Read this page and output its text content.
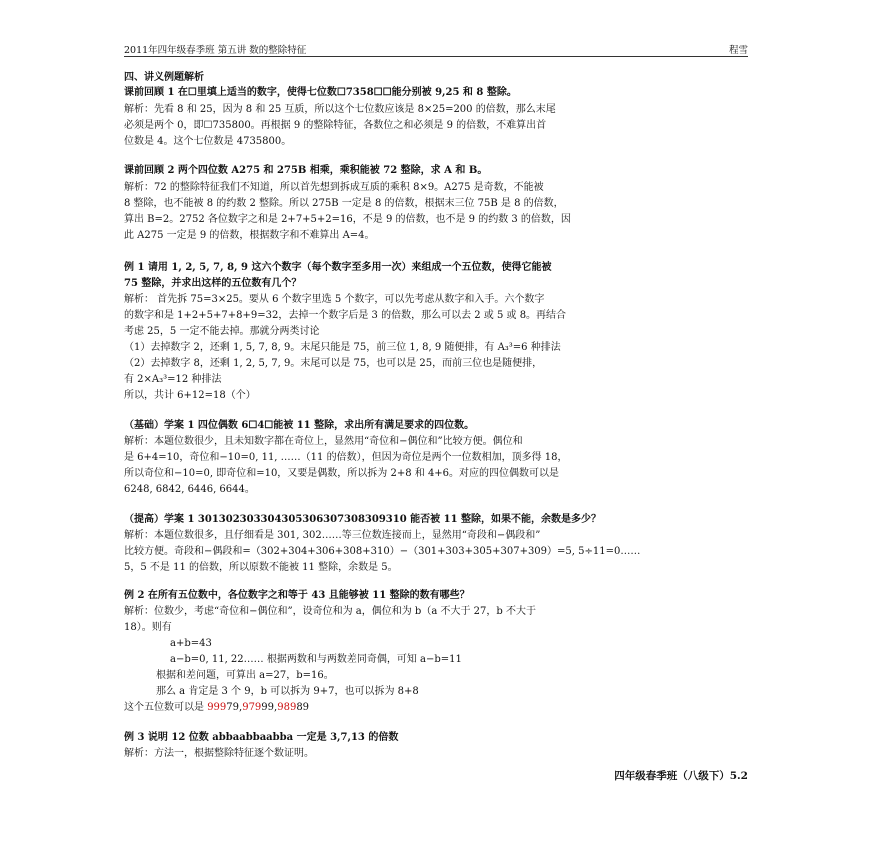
2011年四年级春季班 第五讲 数的整除特征	程雪
四、讲义例题解析
课前回顾 1 在☐里填上适当的数字，使得七位数☐7358☐☐能分别被 9,25 和 8 整除。
解析：先看 8 和 25，因为 8 和 25 互质，所以这个七位数应该是 8×25=200 的倍数，那么末尾
必须是两个 0，即☐735800。再根据 9 的整除特征，各数位之和必须是 9 的倍数，不难算出首
位数是 4。这个七位数是 4735800。
课前回顾 2 两个四位数 A275 和 275B 相乘，乘积能被 72 整除，求 A 和 B。
解析：72 的整除特征我们不知道，所以首先想到拆成互质的乘积 8×9。A275 是奇数，不能被
8 整除，也不能被 8 的约数 2 整除。所以 275B 一定是 8 的倍数，根据末三位 75B 是 8 的倍数，
算出 B=2。2752 各位数字之和是 2+7+5+2=16，不是 9 的倍数，也不是 9 的约数 3 的倍数，因
此 A275 一定是 9 的倍数，根据数字和不难算出 A=4。
例 1 请用 1, 2, 5, 7, 8, 9 这六个数字（每个数字至多用一次）来组成一个五位数，使得它能被
75 整除，并求出这样的五位数有几个？
解析： 首先拆 75=3×25。要从 6 个数字里选 5 个数字，可以先考虑从数字和入手。六个数字
的数字和是 1+2+5+7+8+9=32，去掉一个数字后是 3 的倍数，那么可以去 2 或 5 或 8。再结合
考虑 25，5 一定不能去掉。那就分两类讨论
（1）去掉数字 2，还剩 1, 5, 7, 8, 9。末尾只能是 75，前三位 1, 8, 9 随便排，有 A₃³=6 种排法
（2）去掉数字 8，还剩 1, 2, 5, 7, 9。末尾可以是 75，也可以是 25，而前三位也是随便排，
有 2×A₃³=12 种排法
所以，共计 6+12=18（个）
（基础）学案 1 四位偶数 6☐4☐能被 11 整除，求出所有满足要求的四位数。
解析：本题位数很少，且未知数字都在奇位上，显然用“奇位和−偶位和”比较方便。偶位和
是 6+4=10，奇位和−10=0, 11, ……（11 的倍数），但因为奇位是两个一位数相加，顶多得 18，
所以奇位和−10=0, 即奇位和=10，又要是偶数，所以拆为 2+8 和 4+6。对应的四位偶数可以是
6248, 6842, 6446, 6644。
（提高）学案 1 301302303304305306307308309310 能否被 11 整除，如果不能，余数是多少？
解析：本题位数很多，且仔细看是 301, 302……等三位数连接而上，显然用“奇段和−偶段和”
比较方便。奇段和−偶段和=（302+304+306+308+310）−（301+303+305+307+309）=5, 5÷11=0……
5，5 不是 11 的倍数，所以原数不能被 11 整除，余数是 5。
例 2 在所有五位数中，各位数字之和等于 43 且能够被 11 整除的数有哪些？
解析：位数少，考虑“奇位和−偶位和”，设奇位和为 a，偶位和为 b（a 不大于 27，b 不大于
18）。则有
a+b=43
a−b=0, 11, 22…… 根据两数和与两数差同奇偶，可知 a−b=11
根据和差问题，可算出 a=27，b=16。
那么 a 肯定是 3 个 9，b 可以拆为 9+7，也可以拆为 8+8
例 3 说明 12 位数 abbaabbaabba 一定是 3,7,13 的倍数
解析：方法一，根据整除特征逐个数证明。
这个五位数可以是 99979,97999,98989
四年级春季班（八级下）5.2
